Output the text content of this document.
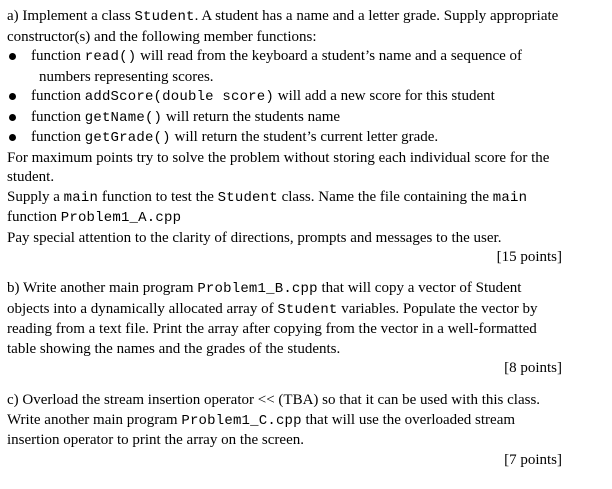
a) Implement a class Student. A student has a name and a letter grade. Supply appropriate constructor(s) and the following member functions:

function read() will read from the keyboard a student’s name and a sequence of
numbers representing scores.
function addScore(double score) will add a new score for this student
function getName() will return the students name
function getGrade() will return the student’s current letter grade.

For maximum points try to solve the problem without storing each individual score for the student.

Supply a main function to test the Student class. Name the file containing the main function Problem1_A.cpp

Pay special attention to the clarity of directions, prompts and messages to the user.

[15 points]

b) Write another main program Problem1_B.cpp that will copy a vector of Student objects into a dynamically allocated array of Student variables. Populate the vector by reading from a text file. Print the array after copying from the vector in a well-formatted table showing the names and the grades of the students.

[8 points]

c) Overload the stream insertion operator << (TBA) so that it can be used with this class. Write another main program Problem1_C.cpp that will use the overloaded stream insertion operator to print the array on the screen.

[7 points]
